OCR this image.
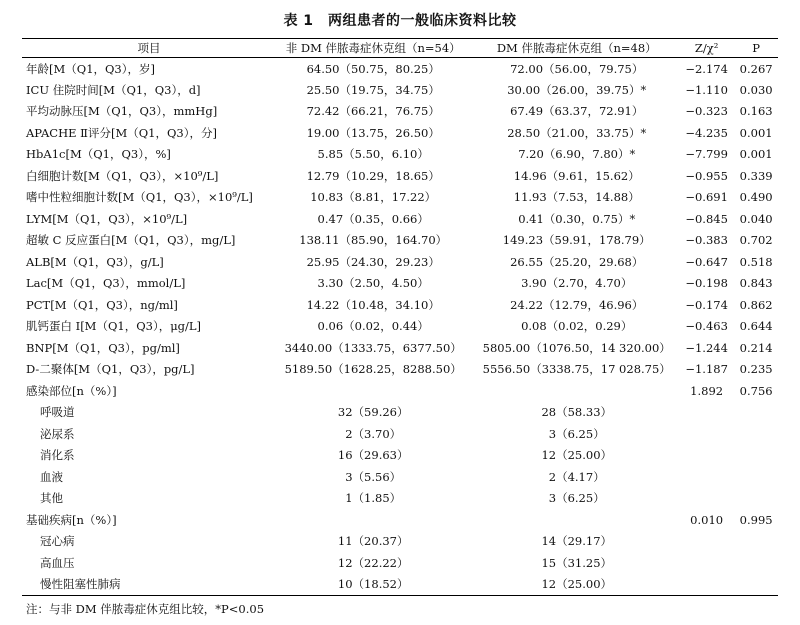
表 1　两组患者的一般临床资料比较
项目	非 DM 伴脓毒症休克组（n=54）	DM 伴脓毒症休克组（n=48）	Z/χ²	P
年龄[M（Q1，Q3），岁]	64.50（50.75，80.25）	72.00（56.00，79.75）	−2.174	0.267
ICU 住院时间[M（Q1，Q3），d]	25.50（19.75，34.75）	30.00（26.00，39.75）*	−1.110	0.030
平均动脉压[M（Q1，Q3），mmHg]	72.42（66.21，76.75）	67.49（63.37，72.91）	−0.323	0.163
APACHE Ⅱ评分[M（Q1，Q3），分]	19.00（13.75，26.50）	28.50（21.00，33.75）*	−4.235	0.001
HbA1c[M（Q1，Q3），%]	5.85（5.50，6.10）	7.20（6.90，7.80）*	−7.799	0.001
白细胞计数[M（Q1，Q3），×10⁹/L]	12.79（10.29，18.65）	14.96（9.61，15.62）	−0.955	0.339
嗜中性粒细胞计数[M（Q1，Q3），×10⁹/L]	10.83（8.81，17.22）	11.93（7.53，14.88）	−0.691	0.490
LYM[M（Q1，Q3），×10⁹/L]	0.47（0.35，0.66）	0.41（0.30，0.75）*	−0.845	0.040
超敏 C 反应蛋白[M（Q1，Q3），mg/L]	138.11（85.90，164.70）	149.23（59.91，178.79）	−0.383	0.702
ALB[M（Q1，Q3），g/L]	25.95（24.30，29.23）	26.55（25.20，29.68）	−0.647	0.518
Lac[M（Q1，Q3），mmol/L]	3.30（2.50，4.50）	3.90（2.70，4.70）	−0.198	0.843
PCT[M（Q1，Q3），ng/ml]	14.22（10.48，34.10）	24.22（12.79，46.96）	−0.174	0.862
肌钙蛋白 I[M（Q1，Q3），μg/L]	0.06（0.02，0.44）	0.08（0.02，0.29）	−0.463	0.644
BNP[M（Q1，Q3），pg/ml]	3440.00（1333.75，6377.50）	5805.00（1076.50，14 320.00）	−1.244	0.214
D-二聚体[M（Q1，Q3），pg/L]	5189.50（1628.25，8288.50）	5556.50（3338.75，17 028.75）	−1.187	0.235
感染部位[n（%）]			1.892	0.756
呼吸道	32（59.26）	28（58.33）		
泌尿系	2（3.70）	3（6.25）		
消化系	16（29.63）	12（25.00）		
血液	3（5.56）	2（4.17）		
其他	1（1.85）	3（6.25）		
基础疾病[n（%）]			0.010	0.995
冠心病	11（20.37）	14（29.17）		
高血压	12（22.22）	15（31.25）		
慢性阻塞性肺病	10（18.52）	12（25.00）		
注：与非 DM 伴脓毒症休克组比较，*P<0.05
